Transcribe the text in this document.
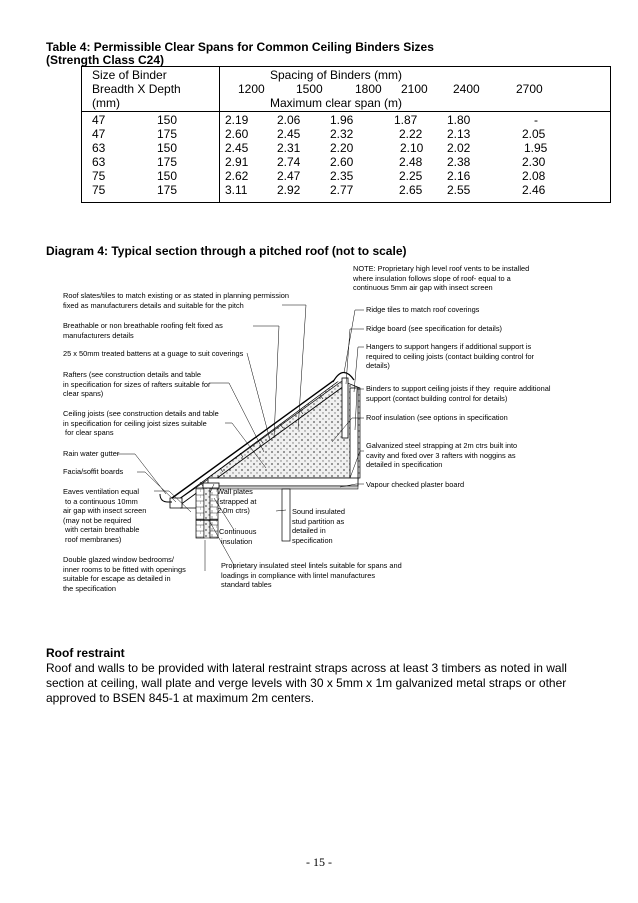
Table 4: Permissible Clear Spans for Common Ceiling Binders Sizes
(Strength Class C24)
Size of Binder
Breadth X Depth
(mm)
Spacing of Binders (mm)
1200	1500	1800 2100 2400	2700
Maximum clear span (m)
47	150	2.19 2.06 1.96	1.87 1.80	-
47	175	2.60 2.45 2.32	2.22 2.13	2.05
63	150	2.45 2.31 2.20	2.10 2.02	1.95
63	175	2.91 2.74 2.60	2.48 2.38	2.30
75	150	2.62 2.47 2.35	2.25 2.16	2.08
75	175	3.11 2.92 2.77	2.65 2.55	2.46
Diagram 4: Typical section through a pitched roof (not to scale)
NOTE: Proprietary high level roof vents to be installed
where insulation follows slope of roof- equal to a
continuous 5mm air gap with insect screen
Roof slates/tiles to match existing or as stated in planning permission
fixed as manufacturers details and suitable for the pitch
Breathable or non breathable roofing felt fixed as
manufacturers details
25 x 50mm treated battens at a guage to suit coverings
Rafters (see construction details and table
in specification for sizes of rafters suitable for
clear spans)
Ceiling joists (see construction details and table
in specification for ceiling joist sizes suitable
for clear spans
Rain water gutter
Facia/soffit boards
Eaves ventilation equal
to a continuous 10mm
air gap with insect screen
(may not be required
with certain breathable
roof membranes)
Double glazed window bedrooms/
inner rooms to be fitted with openings
suitable for escape as detailed in
the specification
Wall plates
(strapped at
2.0m ctrs)
Continuous
insulation
Sound insulated
stud partition as
detailed in
specification
Proprietary insulated steel lintels suitable for spans and
loadings in compliance with lintel manufactures
standard tables
Ridge tiles to match roof coverings
Ridge board (see specification for details)
Hangers to support hangers if additional support is
required to ceiling joists (contact building control for
details)
Binders to support ceiling joists if they  require additional
support (contact building control for details)
Roof insulation (see options in specification
Galvanized steel strapping at 2m ctrs built into
cavity and fixed over 3 rafters with noggins as
detailed in specification
Vapour checked plaster board
Roof restraint
Roof and walls to be provided with lateral restraint straps across at least 3 timbers as noted in wall section at ceiling, wall plate and verge levels with 30 x 5mm x 1m galvanized metal straps or other approved to BSEN 845-1 at maximum 2m centers.
- 15 -
